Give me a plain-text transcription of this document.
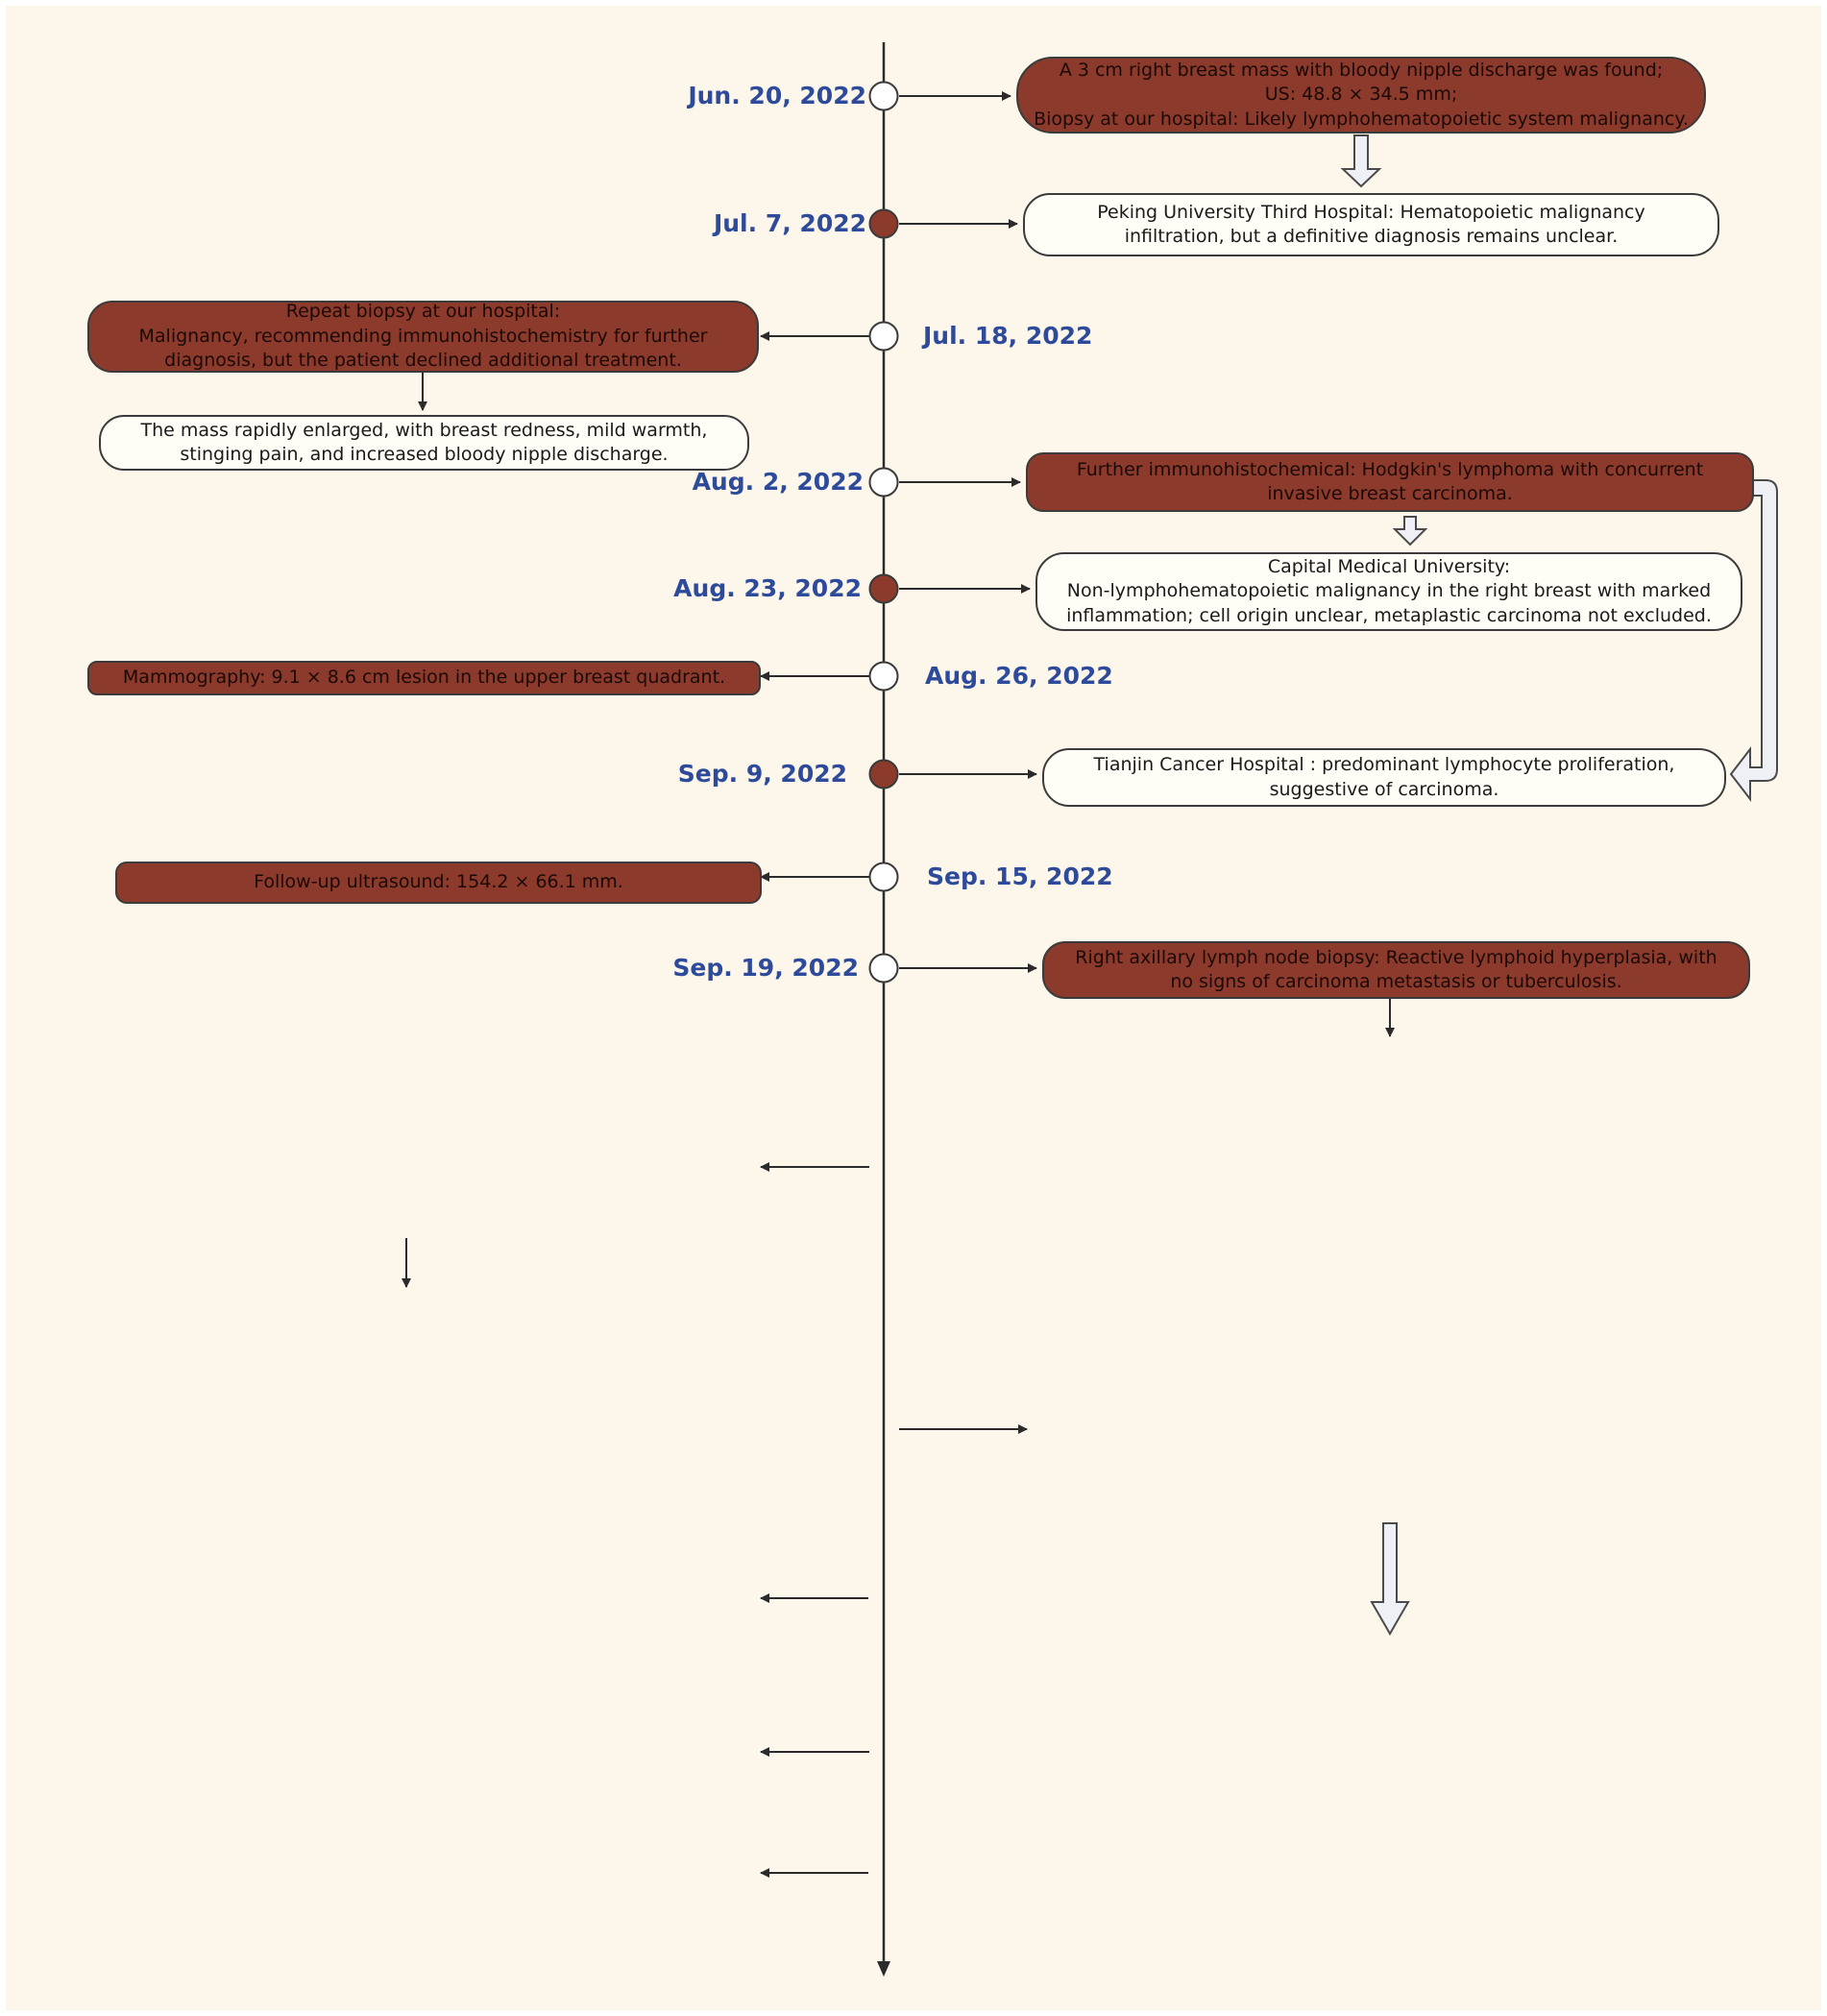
Jun. 20, 2022
A 3 cm right breast mass with bloody nipple discharge was found;
US: 48.8 × 34.5 mm;
Biopsy at our hospital: Likely lymphohematopoietic system malignancy.
Jul. 7, 2022	Peking University Third Hospital: Hematopoietic malignancy
infiltration, but a definitive diagnosis remains unclear.
Jul. 18, 2022
Repeat biopsy at our hospital:
Malignancy, recommending immunohistochemistry for further
diagnosis, but the patient declined additional treatment.
The mass rapidly enlarged, with breast redness, mild warmth,
stinging pain, and increased bloody nipple discharge.
Aug. 2, 2022	Further immunohistochemical: Hodgkin's lymphoma with concurrent
invasive breast carcinoma.
Aug. 23, 2022
Capital Medical University:
Non-lymphohematopoietic malignancy in the right breast with marked
inflammation; cell origin unclear, metaplastic carcinoma not excluded.
Aug. 26, 2022
Mammography: 9.1 × 8.6 cm lesion in the upper breast quadrant.
Sep. 9, 2022	Tianjin Cancer Hospital : predominant lymphocyte proliferation,
suggestive of carcinoma.
Sep. 15, 2022
Follow-up ultrasound: 154.2 × 66.1 mm.
Sep. 19, 2022	Right axillary lymph node biopsy: Reactive lymphoid hyperplasia, with
no signs of carcinoma metastasis or tuberculosis.
